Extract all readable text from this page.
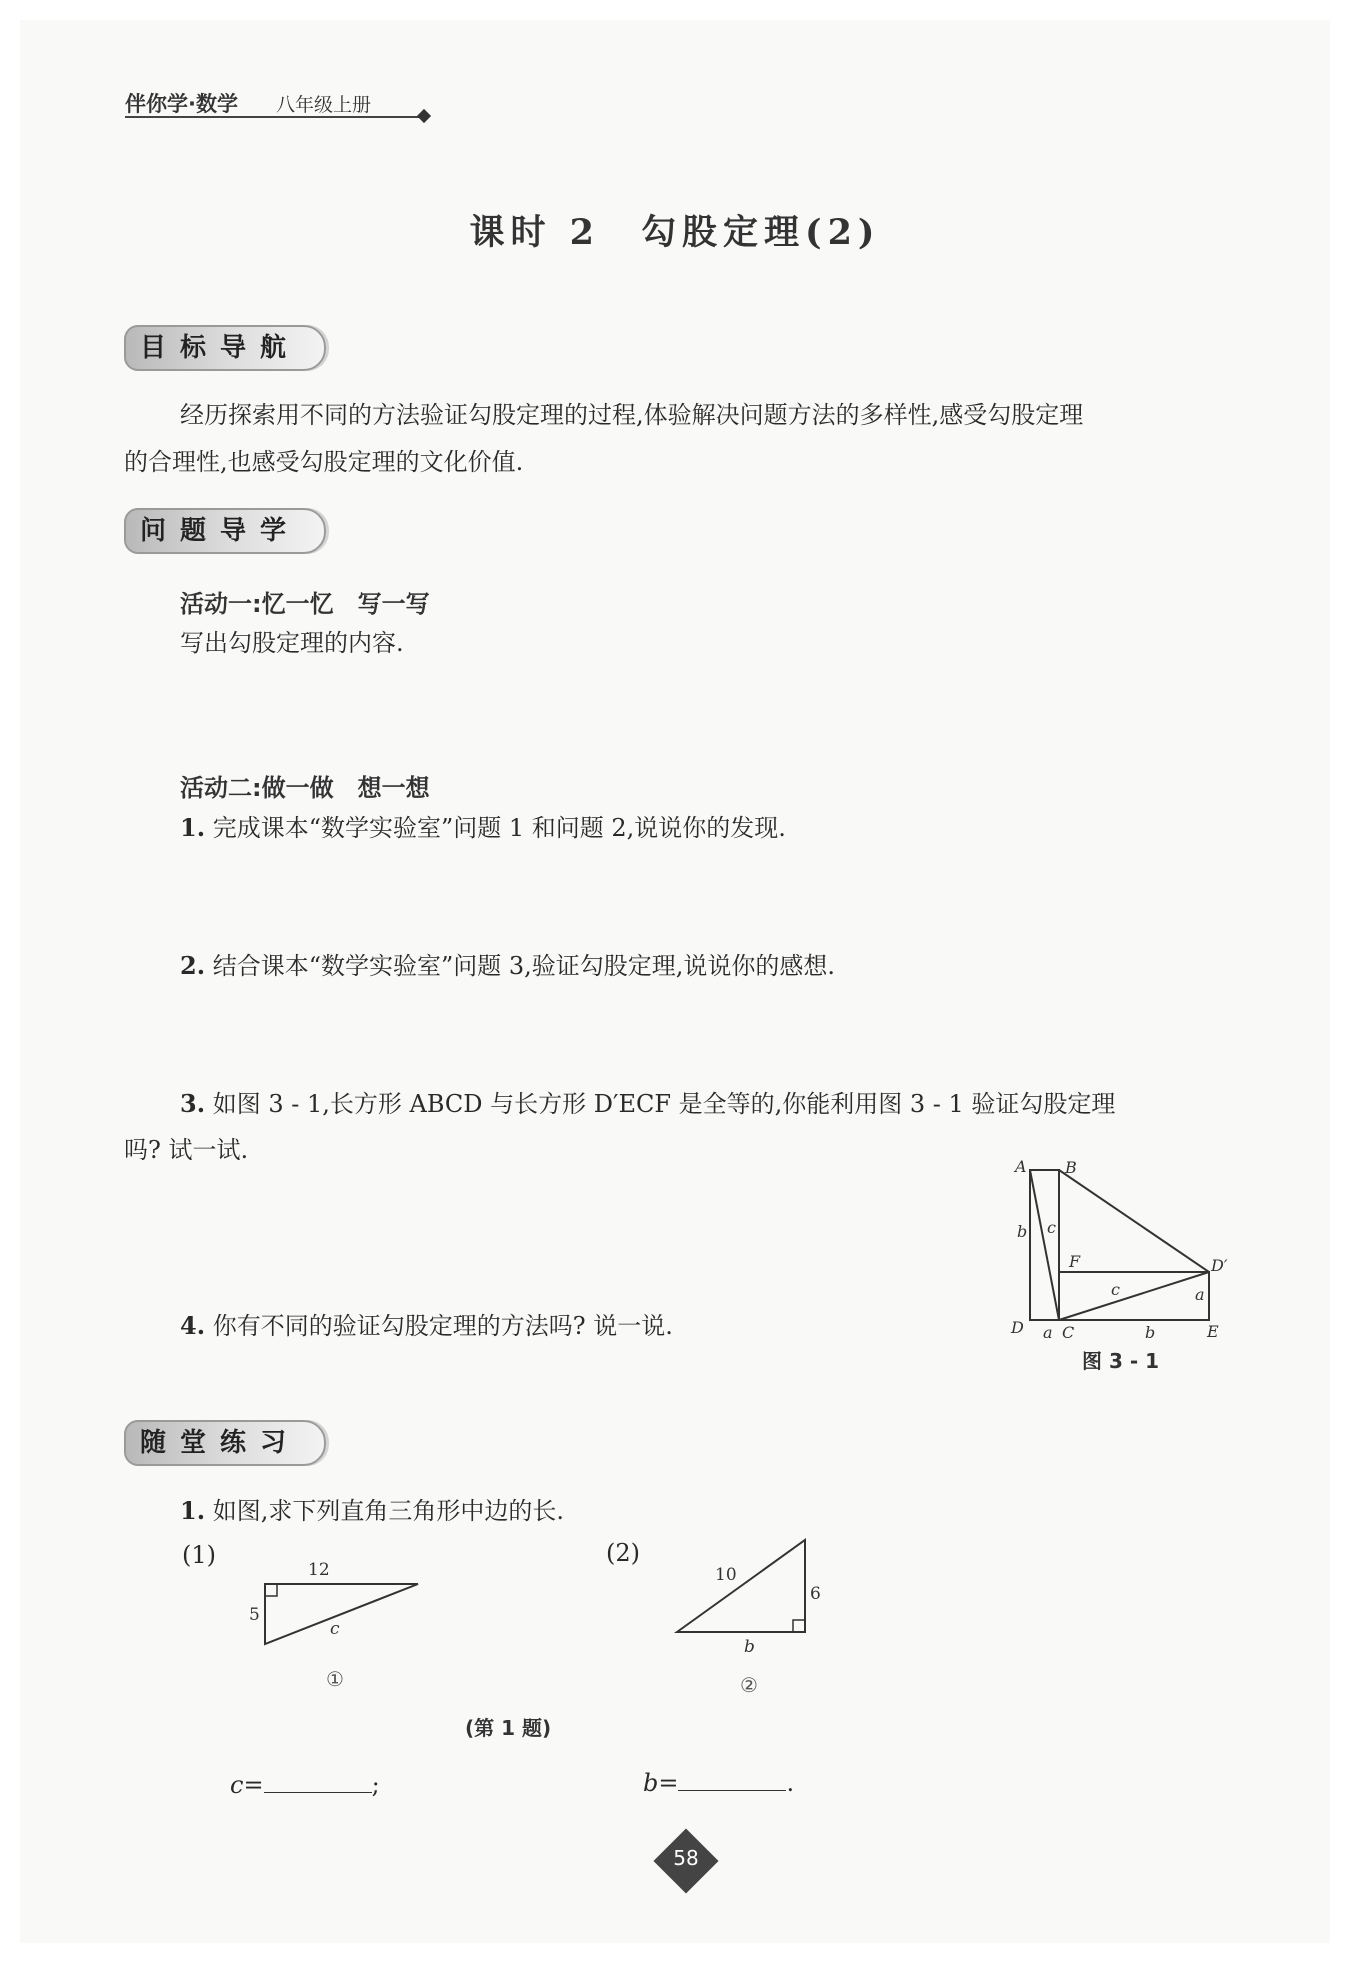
伴你学·数学 八年级上册
课时 2　勾股定理(2)
目标导航
经历探索用不同的方法验证勾股定理的过程,体验解决问题方法的多样性,感受勾股定理
的合理性,也感受勾股定理的文化价值.
问题导学
活动一:忆一忆　写一写
写出勾股定理的内容.
活动二:做一做　想一想
1. 完成课本“数学实验室”问题 1 和问题 2,说说你的发现.
2. 结合课本“数学实验室”问题 3,验证勾股定理,说说你的感想.
3. 如图 3 - 1,长方形 ABCD 与长方形 D′ECF 是全等的,你能利用图 3 - 1 验证勾股定理
吗? 试一试.
4. 你有不同的验证勾股定理的方法吗? 说一说.
A B
C
D	E
F	D′
a
a
b
b
c
c
图 3 - 1
随堂练习
1. 如图,求下列直角三角形中边的长.
(1)	(2)
12
5
c
①
10
6
b
②
(第 1 题)
c=	;	b=	.
58
